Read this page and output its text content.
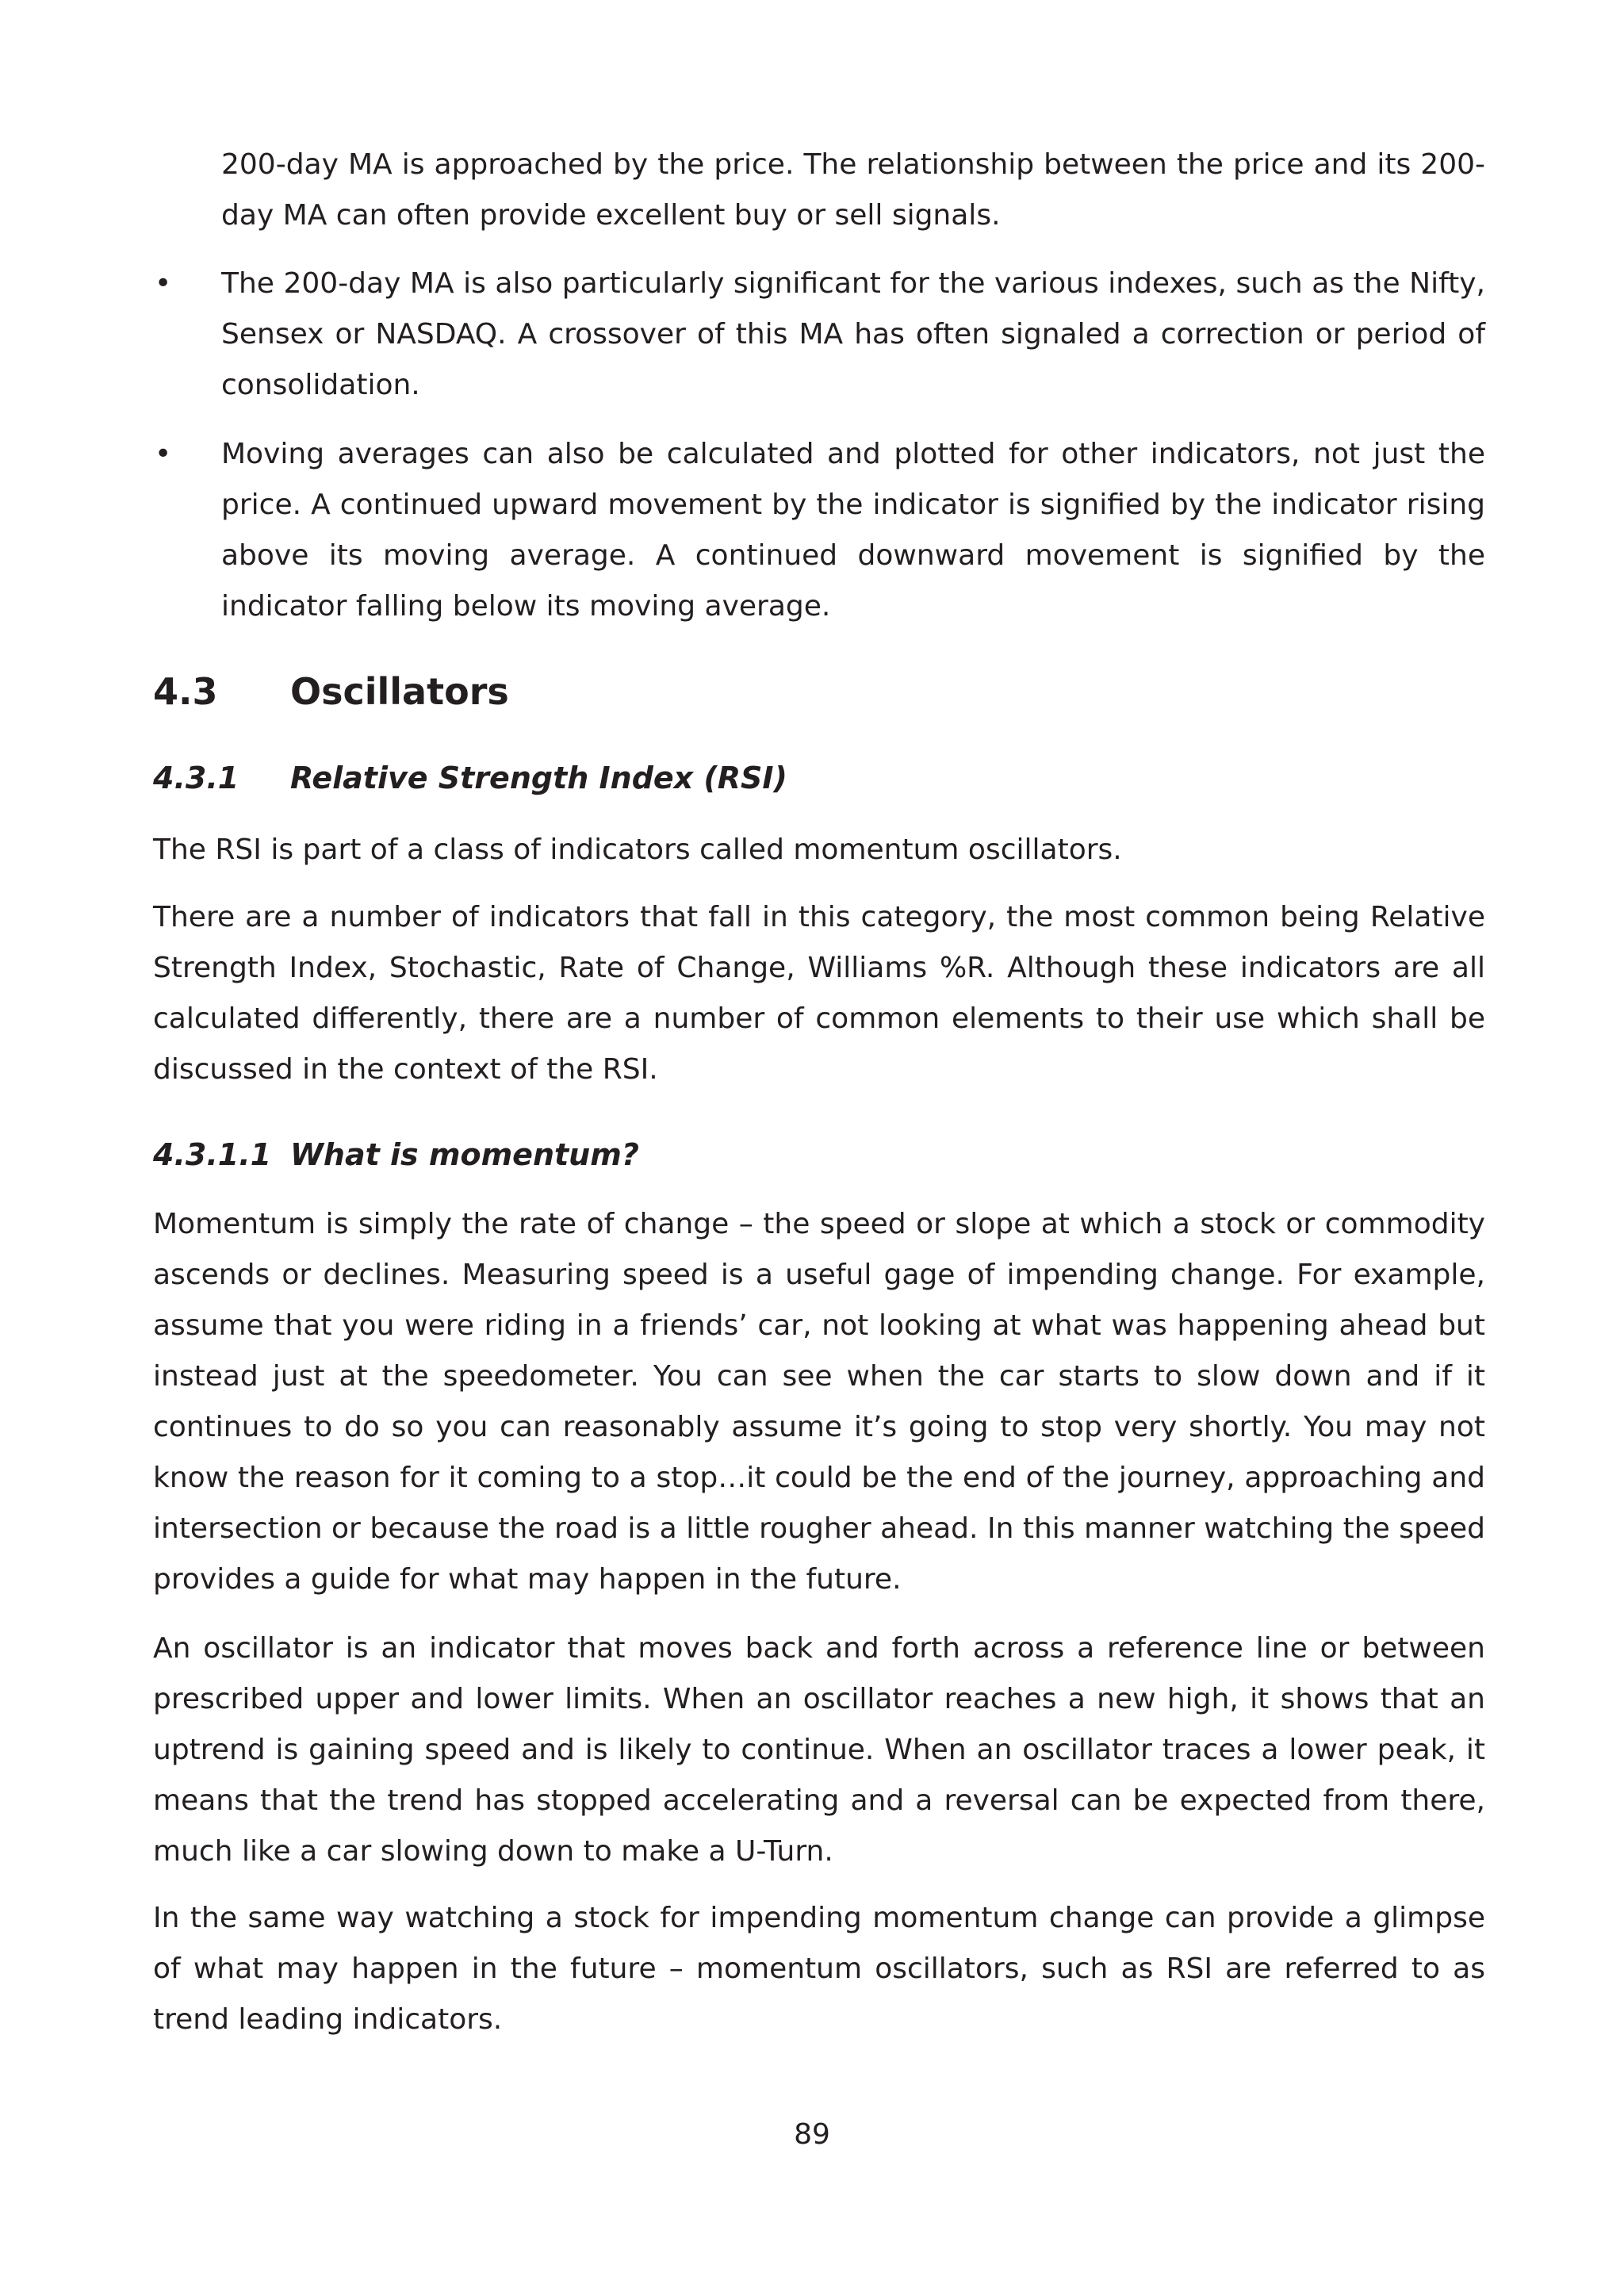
200-day MA is approached by the price. The relationship between the price and its 200-day MA can often provide excellent buy or sell signals.

• The 200-day MA is also particularly significant for the various indexes, such as the Nifty, Sensex or NASDAQ. A crossover of this MA has often signaled a correction or period of consolidation.

• Moving averages can also be calculated and plotted for other indicators, not just the price. A continued upward movement by the indicator is signified by the indicator rising above its moving average. A continued downward movement is signified by the indicator falling below its moving average.

4.3 Oscillators
4.3.1 Relative Strength Index (RSI)

The RSI is part of a class of indicators called momentum oscillators.

There are a number of indicators that fall in this category, the most common being Relative Strength Index, Stochastic, Rate of Change, Williams %R. Although these indicators are all calculated differently, there are a number of common elements to their use which shall be discussed in the context of the RSI.

4.3.1.1 What is momentum?

Momentum is simply the rate of change – the speed or slope at which a stock or commodity ascends or declines. Measuring speed is a useful gage of impending change. For example, assume that you were riding in a friends’ car, not looking at what was happening ahead but instead just at the speedometer. You can see when the car starts to slow down and if it continues to do so you can reasonably assume it’s going to stop very shortly. You may not know the reason for it coming to a stop…it could be the end of the journey, approaching and intersection or because the road is a little rougher ahead. In this manner watching the speed provides a guide for what may happen in the future.

An oscillator is an indicator that moves back and forth across a reference line or between prescribed upper and lower limits. When an oscillator reaches a new high, it shows that an uptrend is gaining speed and is likely to continue. When an oscillator traces a lower peak, it means that the trend has stopped accelerating and a reversal can be expected from there, much like a car slowing down to make a U-Turn.

In the same way watching a stock for impending momentum change can provide a glimpse of what may happen in the future – momentum oscillators, such as RSI are referred to as trend leading indicators.

89
